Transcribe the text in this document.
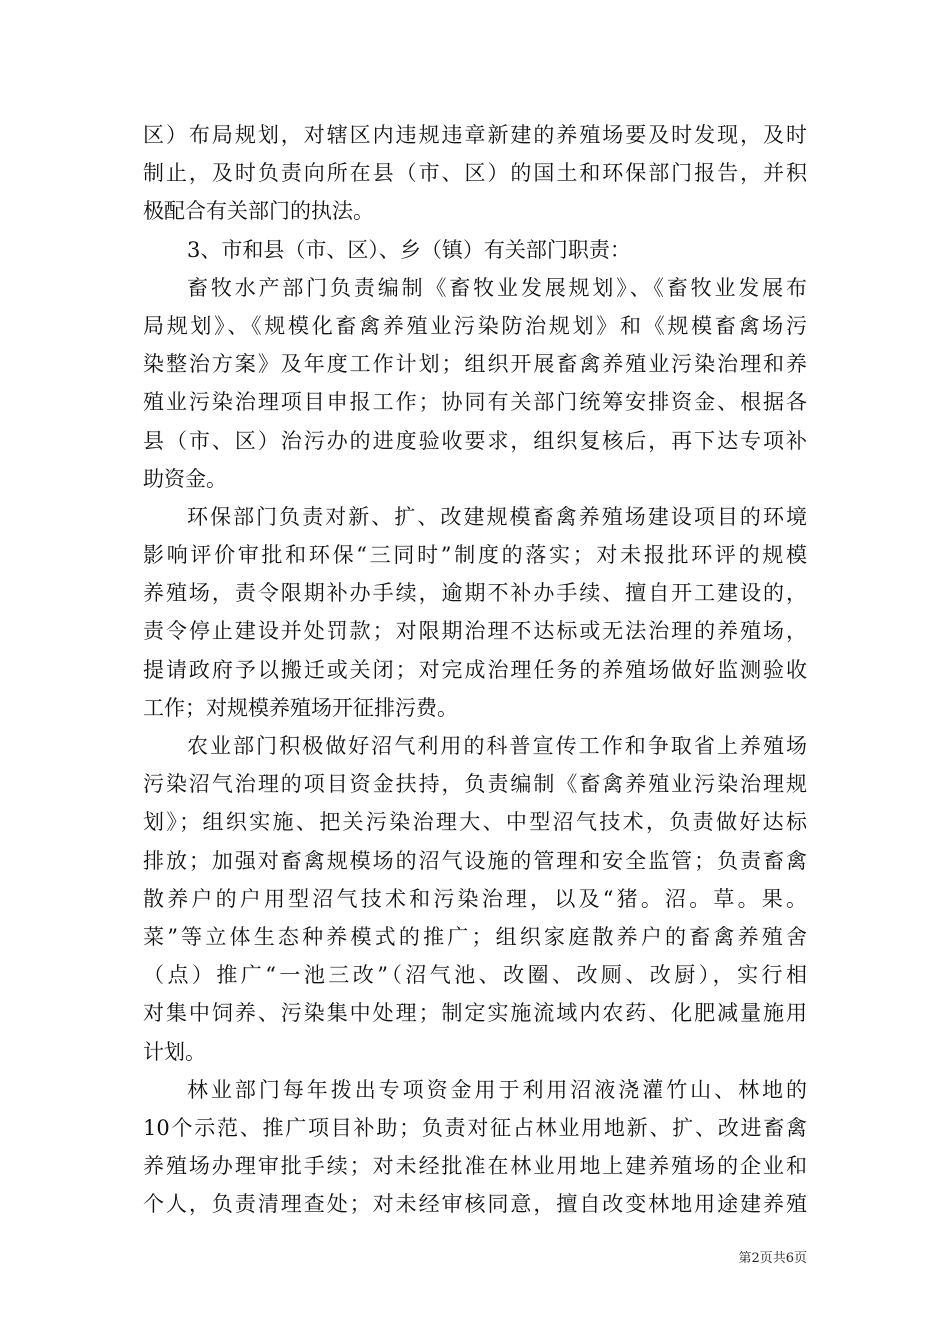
区）布局规划，对辖区内违规违章新建的养殖场要及时发现，及时
制止，及时负责向所在县（市、区）的国土和环保部门报告，并积
极配合有关部门的执法。
3、市和县（市、区）、乡（镇）有关部门职责：
畜牧水产部门负责编制《畜牧业发展规划》、《畜牧业发展布
局规划》、《规模化畜禽养殖业污染防治规划》和《规模畜禽场污
染整治方案》及年度工作计划；组织开展畜禽养殖业污染治理和养
殖业污染治理项目申报工作；协同有关部门统筹安排资金、根据各
县（市、区）治污办的进度验收要求，组织复核后，再下达专项补
助资金。
环保部门负责对新、扩、改建规模畜禽养殖场建设项目的环境
影响评价审批和环保“三同时”制度的落实；对未报批环评的规模
养殖场，责令限期补办手续，逾期不补办手续、擅自开工建设的，
责令停止建设并处罚款；对限期治理不达标或无法治理的养殖场，
提请政府予以搬迁或关闭；对完成治理任务的养殖场做好监测验收
工作；对规模养殖场开征排污费。
农业部门积极做好沼气利用的科普宣传工作和争取省上养殖场
污染沼气治理的项目资金扶持，负责编制《畜禽养殖业污染治理规
划》；组织实施、把关污染治理大、中型沼气技术，负责做好达标
排放；加强对畜禽规模场的沼气设施的管理和安全监管；负责畜禽
散养户的户用型沼气技术和污染治理，以及“猪。沼。草。果。
菜”等立体生态种养模式的推广；组织家庭散养户的畜禽养殖舍
（点）推广“一池三改”（沼气池、改圈、改厕、改厨），实行相
对集中饲养、污染集中处理；制定实施流域内农药、化肥减量施用
计划。
林业部门每年拨出专项资金用于利用沼液浇灌竹山、林地的
10个示范、推广项目补助；负责对征占林业用地新、扩、改进畜禽
养殖场办理审批手续；对未经批准在林业用地上建养殖场的企业和
个人，负责清理查处；对未经审核同意，擅自改变林地用途建养殖
第2页共6页
